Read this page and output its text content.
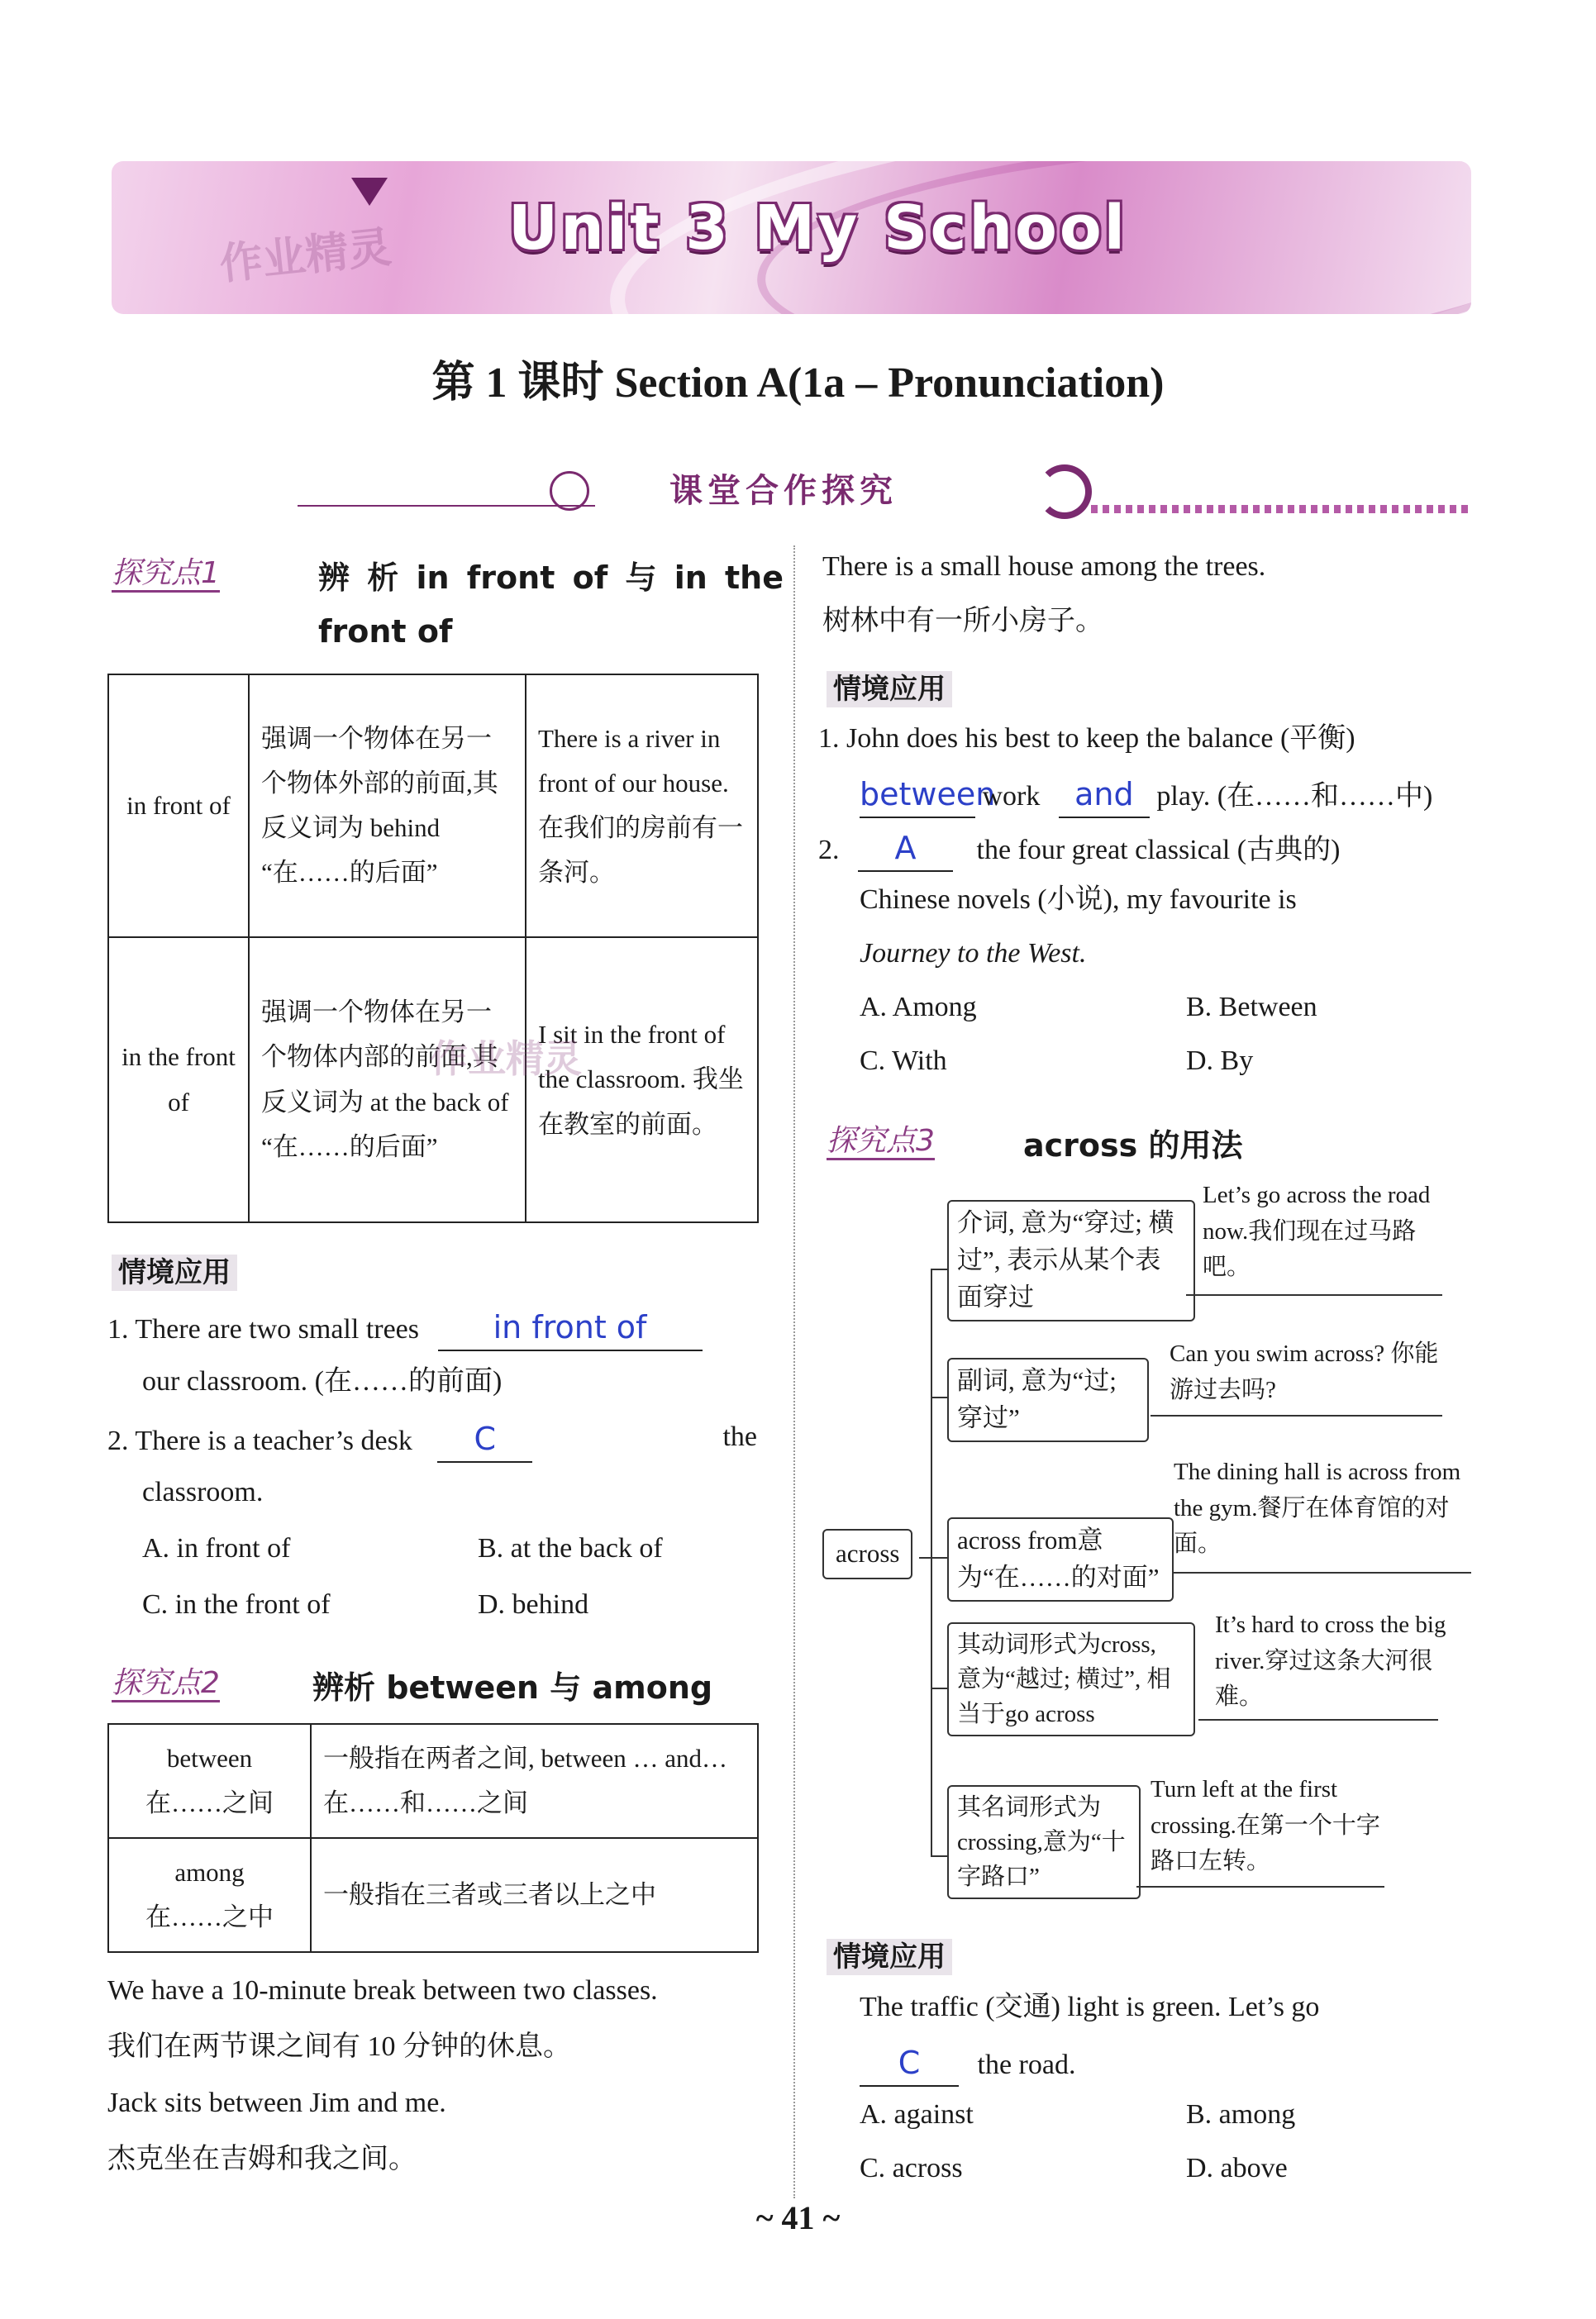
作业精灵 Unit 3 My School
第 1 课时 Section A(1a – Pronunciation)
课堂合作探究
探究点1	辨 析 in front of 与 in the
front of
in front of	强调一个物体在另一个物体外部的前面,其反义词为 behind “在……的后面”	There is a river in front of our house. 在我们的房前有一条河。
in the front of	强调一个物体在另一个物体内部的前面,其反义词为 at the back of “在……的后面”	I sit in the front of the classroom. 我坐在教室的前面。
作业精灵
情境应用
1. There are two small trees in front of
our classroom. (在……的前面)
2. There is a teacher’s desk C	the
classroom.
A. in front of	B. at the back of
C. in the front of	D. behind
探究点2	辨析 between 与 among
between
在……之间	一般指在两者之间, between … and…在……和……之间

among
在……之中	一般指在三者或三者以上之中
We have a 10-minute break between two classes.
我们在两节课之间有 10 分钟的休息。
Jack sits between Jim and me.
杰克坐在吉姆和我之间。
There is a small house among the trees.
树林中有一所小房子。
情境应用
1. John does his best to keep the balance (平衡)
between work and play. (在……和……中)
2. A the four great classical (古典的)
Chinese novels (小说), my favourite is
Journey to the West.
A. Among	B. Between
C. With	D. By
探究点3	across 的用法
across
介词, 意为“穿过; 横过”, 表示从某个表面穿过
Let’s go across the road now.我们现在过马路吧。
副词, 意为“过; 穿过”
Can you swim across? 你能游过去吗?
across from意为“在……的对面”
The dining hall is across from the gym.餐厅在体育馆的对面。
其动词形式为cross, 意为“越过; 横过”, 相当于go across
It’s hard to cross the big river.穿过这条大河很难。
其名词形式为crossing,意为“十字路口”
Turn left at the first crossing.在第一个十字路口左转。
情境应用
The traffic (交通) light is green. Let’s go
C the road.
A. against	B. among
C. across	D. above
~ 41 ~
